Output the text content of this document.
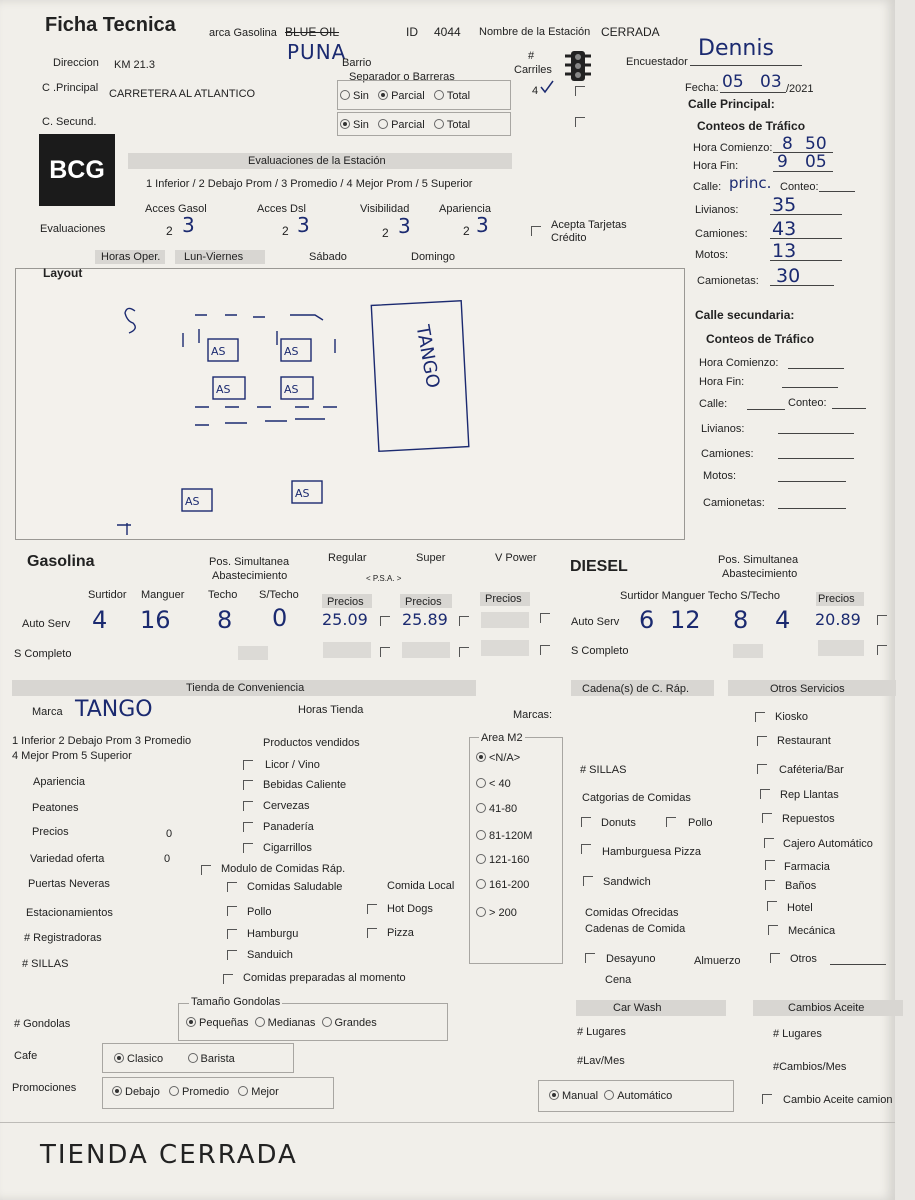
Ficha Tecnica	arca Gasolina BLUE OIL	ID 4044 Nombre de la Estación CERRADA
Direccion KM 21.3
PUNA
Barrio
#
Carriles
4
Encuestador
Dennis
C .Principal CARRETERA AL ATLANTICO
Separador o Barreras
Sin Parcial Total
Fecha: 05 03 /2021
Calle Principal:
C. Secund.	Sin Parcial Total
BCG	Evaluaciones de la Estación
1 Inferior / 2 Debajo Prom / 3 Promedio / 4 Mejor Prom / 5 Superior
Acces Gasol	Acces Dsl	Visibilidad	Apariencia
Evaluaciones	2 3	2 3	2 3	2 3	Acepta Tarjetas
Crédito
Horas Oper. Lun-Viernes	Sábado	Domingo
Conteos de Tráfico
Hora Comienzo: 8 50
Hora Fin: 9 05
Calle: princ. Conteo:
Livianos: 35
Camiones: 43
Motos: 13
Camionetas: 30
Calle secundaria:
Conteos de Tráfico
Hora Comienzo:
Hora Fin:
Calle:	Conteo:
Livianos:
Camiones:
Motos:
Camionetas:
Layout
AS	AS
AS	AS
AS
AS
TANGO
Gasolina	Pos. Simultanea
Abastecimiento
Regular	Super	V Power
< P.S.A. >
Surtidor Manguer Techo S/Techo
Precios	Precios	Precios
Auto Serv 4 16 8 0 25.09 25.89
S Completo
DIESEL	Pos. Simultanea
Abastecimiento
Surtidor Manguer Techo S/Techo	Precios
Auto Serv 6 12 8 4 20.89
S Completo
Tienda de Conveniencia
Marca TANGO	Horas Tienda
1 Inferior 2 Debajo Prom 3 Promedio
4 Mejor Prom 5 Superior
Apariencia
Peatones
Precios	0
Variedad oferta	0
Puertas Neveras
Estacionamientos
# Registradoras
# SILLAS
Productos vendidos
Licor / Vino
Bebidas Caliente
Cervezas
Panadería
Cigarrillos
Modulo de Comidas Ráp.
Comidas Saludable	Comida Local
Pollo	Hot Dogs
Hamburgu	Pizza
Sanduich
Comidas preparadas al momento
Marcas:
Area M2
<N/A>
< 40
41-80
81-120M
121-160
161-200
> 200
Cadena(s) de C. Ráp.
# SILLAS
Catgorias de Comidas
Donuts	Pollo
Hamburguesa Pizza
Sandwich
Comidas Ofrecidas
Cadenas de Comida
Desayuno	Almuerzo
Cena
Otros Servicios
Kiosko
Restaurant
Caféteria/Bar
Rep Llantas
Repuestos
Cajero Automático
Farmacia
Baños
Hotel
Mecánica
Otros
Tamaño Gondolas
# Gondolas	Pequeñas Medianas Grandes
Cafe	Clasico	Barista
Promociones	Debajo Promedio Mejor
Car Wash
# Lugares
#Lav/Mes
Manual Automático
Cambios Aceite
# Lugares
#Cambios/Mes
Cambio Aceite camion
TIENDA CERRADA
